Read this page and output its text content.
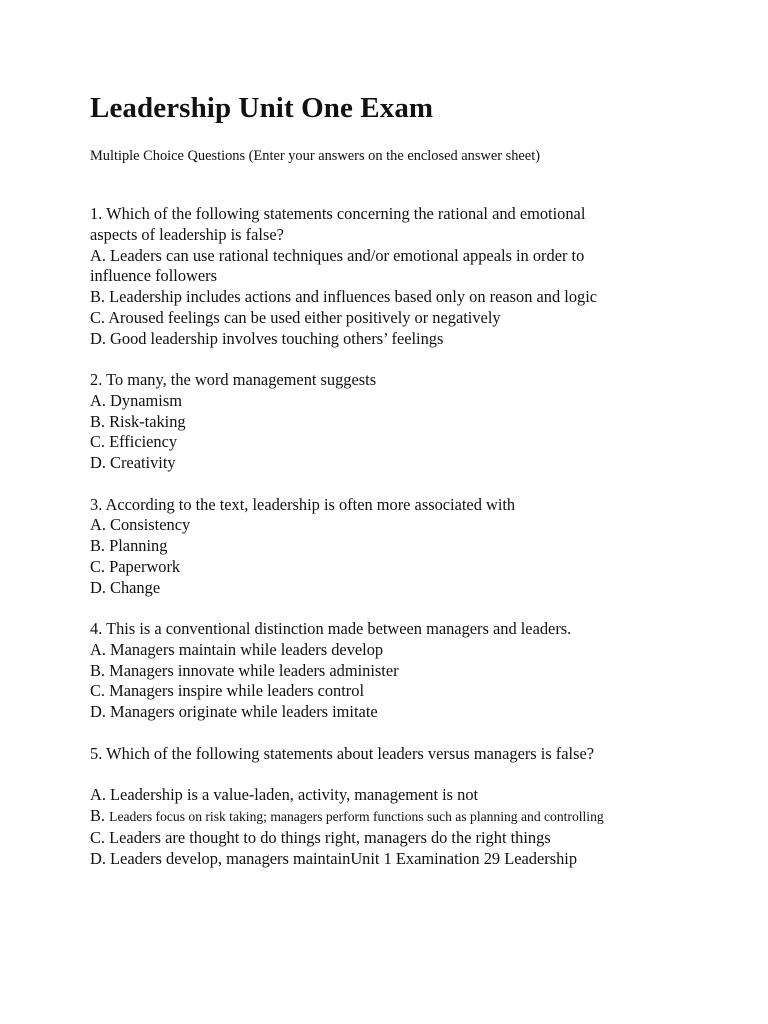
Leadership Unit One Exam
Multiple Choice Questions (Enter your answers on the enclosed answer sheet)
1. Which of the following statements concerning the rational and emotional
aspects of leadership is false?
A. Leaders can use rational techniques and/or emotional appeals in order to
influence followers
B. Leadership includes actions and influences based only on reason and logic
C. Aroused feelings can be used either positively or negatively
D. Good leadership involves touching others’ feelings
2. To many, the word management suggests
A. Dynamism
B. Risk-taking
C. Efficiency
D. Creativity
3. According to the text, leadership is often more associated with
A. Consistency
B. Planning
C. Paperwork
D. Change
4. This is a conventional distinction made between managers and leaders.
A. Managers maintain while leaders develop
B. Managers innovate while leaders administer
C. Managers inspire while leaders control
D. Managers originate while leaders imitate
5. Which of the following statements about leaders versus managers is false?
A. Leadership is a value-laden, activity, management is not
B. Leaders focus on risk taking; managers perform functions such as planning and controlling
C. Leaders are thought to do things right, managers do the right things
D. Leaders develop, managers maintainUnit 1 Examination 29 Leadership
